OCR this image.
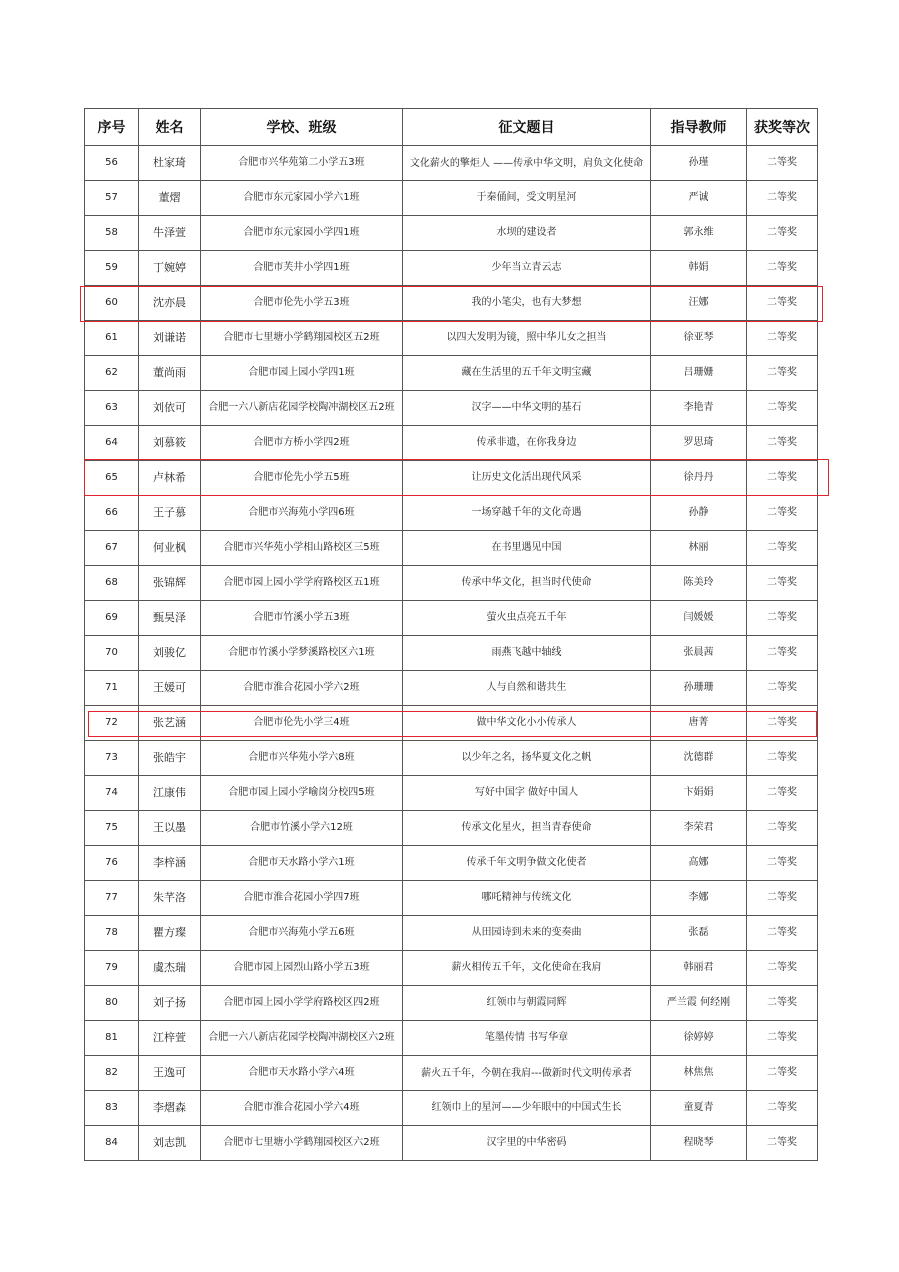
序号	姓名	学校、班级	征文题目	指导教师	获奖等次
56	杜家琦	合肥市兴华苑第二小学五3班	文化薪火的擎炬人 ——传承中华文明，肩负文化使命	孙瑾	二等奖
57	董熠	合肥市东元家园小学六1班	于秦俑间，受文明星河	严诚	二等奖
58	牛泽萱	合肥市东元家园小学四1班	水坝的建设者	郭永维	二等奖
59	丁婉婷	合肥市芙井小学四1班	少年当立青云志	韩娟	二等奖
60	沈亦晨	合肥市伦先小学五3班	我的小笔尖，也有大梦想	汪娜	二等奖
61	刘谦诺	合肥市七里塘小学鹤翔园校区五2班	以四大发明为镜，照中华儿女之担当	徐亚琴	二等奖
62	董尚雨	合肥市园上园小学四1班	藏在生活里的五千年文明宝藏	吕珊姗	二等奖
63	刘依可	合肥一六八新店花园学校陶冲湖校区五2班	汉字——中华文明的基石	李艳青	二等奖
64	刘慕筱	合肥市方桥小学四2班	传承非遗，在你我身边	罗思琦	二等奖
65	卢林希	合肥市伦先小学五5班	让历史文化活出现代风采	徐丹丹	二等奖
66	王子慕	合肥市兴海苑小学四6班	一场穿越千年的文化奇遇	孙静	二等奖
67	何业枫	合肥市兴华苑小学相山路校区三5班	在书里遇见中国	林丽	二等奖
68	张锦辉	合肥市园上园小学学府路校区五1班	传承中华文化，担当时代使命	陈美玲	二等奖
69	甄昊泽	合肥市竹溪小学五3班	萤火虫点亮五千年	闫媛媛	二等奖
70	刘骏亿	合肥市竹溪小学梦溪路校区六1班	雨燕飞越中轴线	张晨茜	二等奖
71	王媛可	合肥市淮合花园小学六2班	人与自然和谐共生	孙珊珊	二等奖
72	张艺涵	合肥市伦先小学三4班	做中华文化小小传承人	唐菁	二等奖
73	张皓宇	合肥市兴华苑小学六8班	以少年之名，扬华夏文化之帆	沈德群	二等奖
74	江康伟	合肥市园上园小学喻岗分校四5班	写好中国字 做好中国人	卞娟娟	二等奖
75	王以墨	合肥市竹溪小学六12班	传承文化星火，担当青春使命	李荣君	二等奖
76	李梓涵	合肥市天水路小学六1班	传承千年文明争做文化使者	高娜	二等奖
77	朱芊洛	合肥市淮合花园小学四7班	哪吒精神与传统文化	李娜	二等奖
78	瞿方璨	合肥市兴海苑小学五6班	从田园诗到未来的变奏曲	张磊	二等奖
79	虞杰瑞	合肥市园上园烈山路小学五3班	薪火相传五千年，文化使命在我肩	韩丽君	二等奖
80	刘子扬	合肥市园上园小学学府路校区四2班	红领巾与朝霞同辉	严兰霞 何经刚	二等奖
81	江梓萱	合肥一六八新店花园学校陶冲湖校区六2班	笔墨传情 书写华章	徐婷婷	二等奖
82	王逸可	合肥市天水路小学六4班	薪火五千年，今朝在我肩---做新时代文明传承者	林焦焦	二等奖
83	李熠森	合肥市淮合花园小学六4班	红领巾上的星河——少年眼中的中国式生长	童夏青	二等奖
84	刘志凯	合肥市七里塘小学鹤翔园校区六2班	汉字里的中华密码	程晓琴	二等奖
